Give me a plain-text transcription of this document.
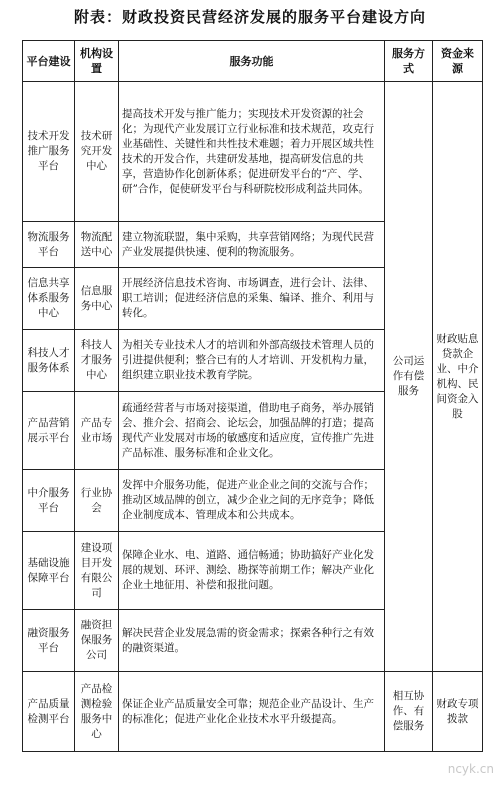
附表：财政投资民营经济发展的服务平台建设方向
平台建设	机构设置	服务功能	服务方式	资金来源
技术开发推广服务平台	技术研究开发中心	提高技术开发与推广能力；实现技术开发资源的社会化；为现代产业发展订立行业标准和技术规范，攻克行业基础性、关键性和共性技术难题；着力开展区域共性技术的开发合作，共建研发基地，提高研发信息的共享，营造协作化创新体系；促进研发平台的“产、学、研”合作，促使研发平台与科研院校形成利益共同体。	公司运作有偿服务	财政贴息贷款企业、中介机构、民间资金入股
物流服务平台	物流配送中心	建立物流联盟，集中采购，共享营销网络；为现代民营产业发展提供快速、便利的物流服务。		
信息共享体系服务中心	信息服务中心	开展经济信息技术咨询、市场调查，进行会计、法律、职工培训；促进经济信息的采集、编译、推介、利用与转化。		
科技人才服务体系	科技人才服务中心	为相关专业技术人才的培训和外部高级技术管理人员的引进提供便利；整合已有的人才培训、开发机构力量，组织建立职业技术教育学院。		
产品营销展示平台	产品专业市场	疏通经营者与市场对接渠道，借助电子商务，举办展销会、推介会、招商会、论坛会，加强品牌的打造；提高现代产业发展对市场的敏感度和适应度，宣传推广先进产品标准、服务标准和企业文化。		
中介服务平台	行业协会	发挥中介服务功能，促进产业企业之间的交流与合作；推动区域品牌的创立，减少企业之间的无序竞争；降低企业制度成本、管理成本和公共成本。		
基础设施保障平台	建设项目开发有限公司	保障企业水、电、道路、通信畅通；协助搞好产业化发展的规划、环评、测绘、勘探等前期工作；解决产业化企业土地征用、补偿和报批问题。		
融资服务平台	融资担保服务公司	解决民营企业发展急需的资金需求；探索各种行之有效的融资渠道。		
产品质量检测平台	产品检测检验服务中心	保证企业产品质量安全可靠；规范企业产品设计、生产的标准化；促进产业化企业技术水平升级提高。	相互协作、有偿服务	财政专项拨款
ncyk.cn
